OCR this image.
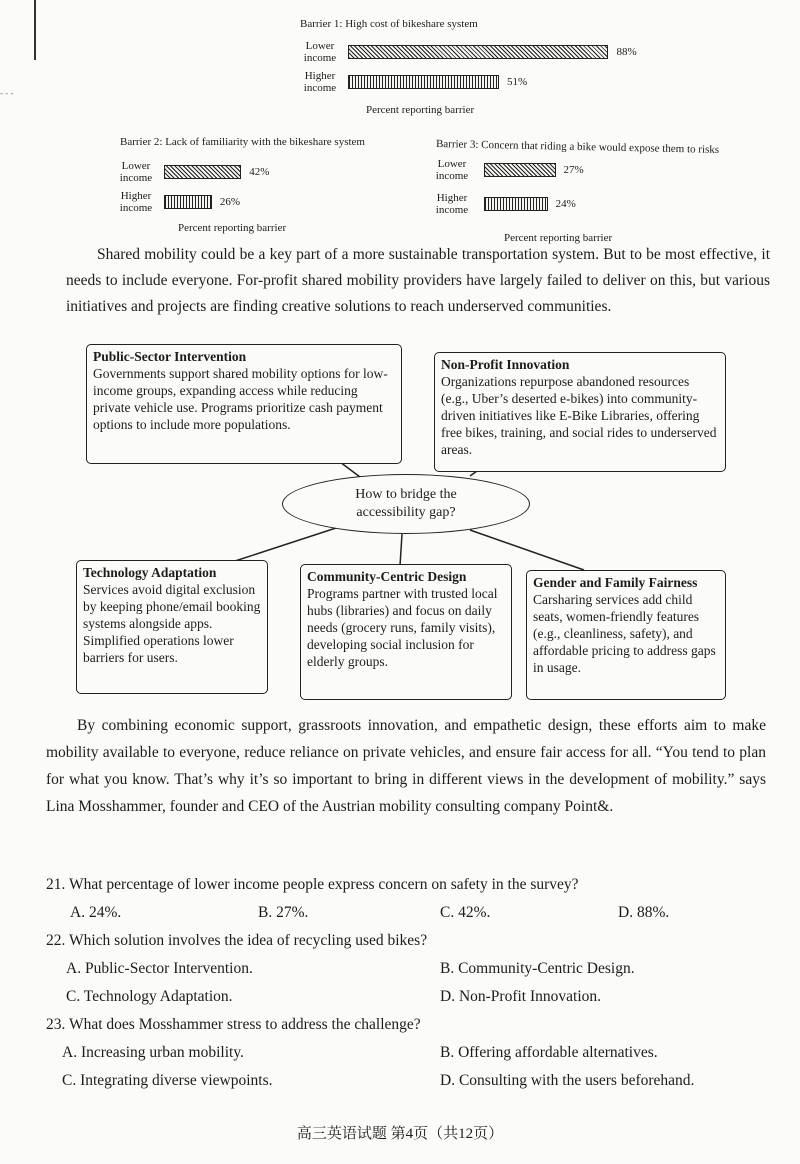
- - -
Barrier 1: High cost of bikeshare system
Lower income	88%
Higher income	51%
Percent reporting barrier
Barrier 2: Lack of familiarity with the bikeshare system
Lower income	42%
Higher income	26%
Percent reporting barrier
Barrier 3: Concern that riding a bike would expose them to risks
Lower income	27%
Higher income	24%
Percent reporting barrier
Shared mobility could be a key part of a more sustainable transportation system. But to be most effective, it needs to include everyone. For-profit shared mobility providers have largely failed to deliver on this, but various initiatives and projects are finding creative solutions to reach underserved communities.
Public-Sector Intervention
Governments support shared mobility options for low-income groups, expanding access while reducing private vehicle use. Programs prioritize cash payment options to include more populations.
Non-Profit Innovation
Organizations repurpose abandoned resources (e.g., Uber’s deserted e-bikes) into community-driven initiatives like E-Bike Libraries, offering free bikes, training, and social rides to underserved areas.
How to bridge the accessibility gap?
Technology Adaptation
Services avoid digital exclusion by keeping phone/email booking systems alongside apps. Simplified operations lower barriers for users.
Community-Centric Design
Programs partner with trusted local hubs (libraries) and focus on daily needs (grocery runs, family visits), developing social inclusion for elderly groups.
Gender and Family Fairness
Carsharing services add child seats, women-friendly features (e.g., cleanliness, safety), and affordable pricing to address gaps in usage.
By combining economic support, grassroots innovation, and empathetic design, these efforts aim to make mobility available to everyone, reduce reliance on private vehicles, and ensure fair access for all. “You tend to plan for what you know. That’s why it’s so important to bring in different views in the development of mobility.” says Lina Mosshammer, founder and CEO of the Austrian mobility consulting company Point&.
21. What percentage of lower income people express concern on safety in the survey?
A. 24%.	B. 27%.	C. 42%.	D. 88%.
22. Which solution involves the idea of recycling used bikes?
A. Public-Sector Intervention.	B. Community-Centric Design.
C. Technology Adaptation.	D. Non-Profit Innovation.
23. What does Mosshammer stress to address the challenge?
A. Increasing urban mobility.	B. Offering affordable alternatives.
C. Integrating diverse viewpoints.	D. Consulting with the users beforehand.
高三英语试题 第4页（共12页）
